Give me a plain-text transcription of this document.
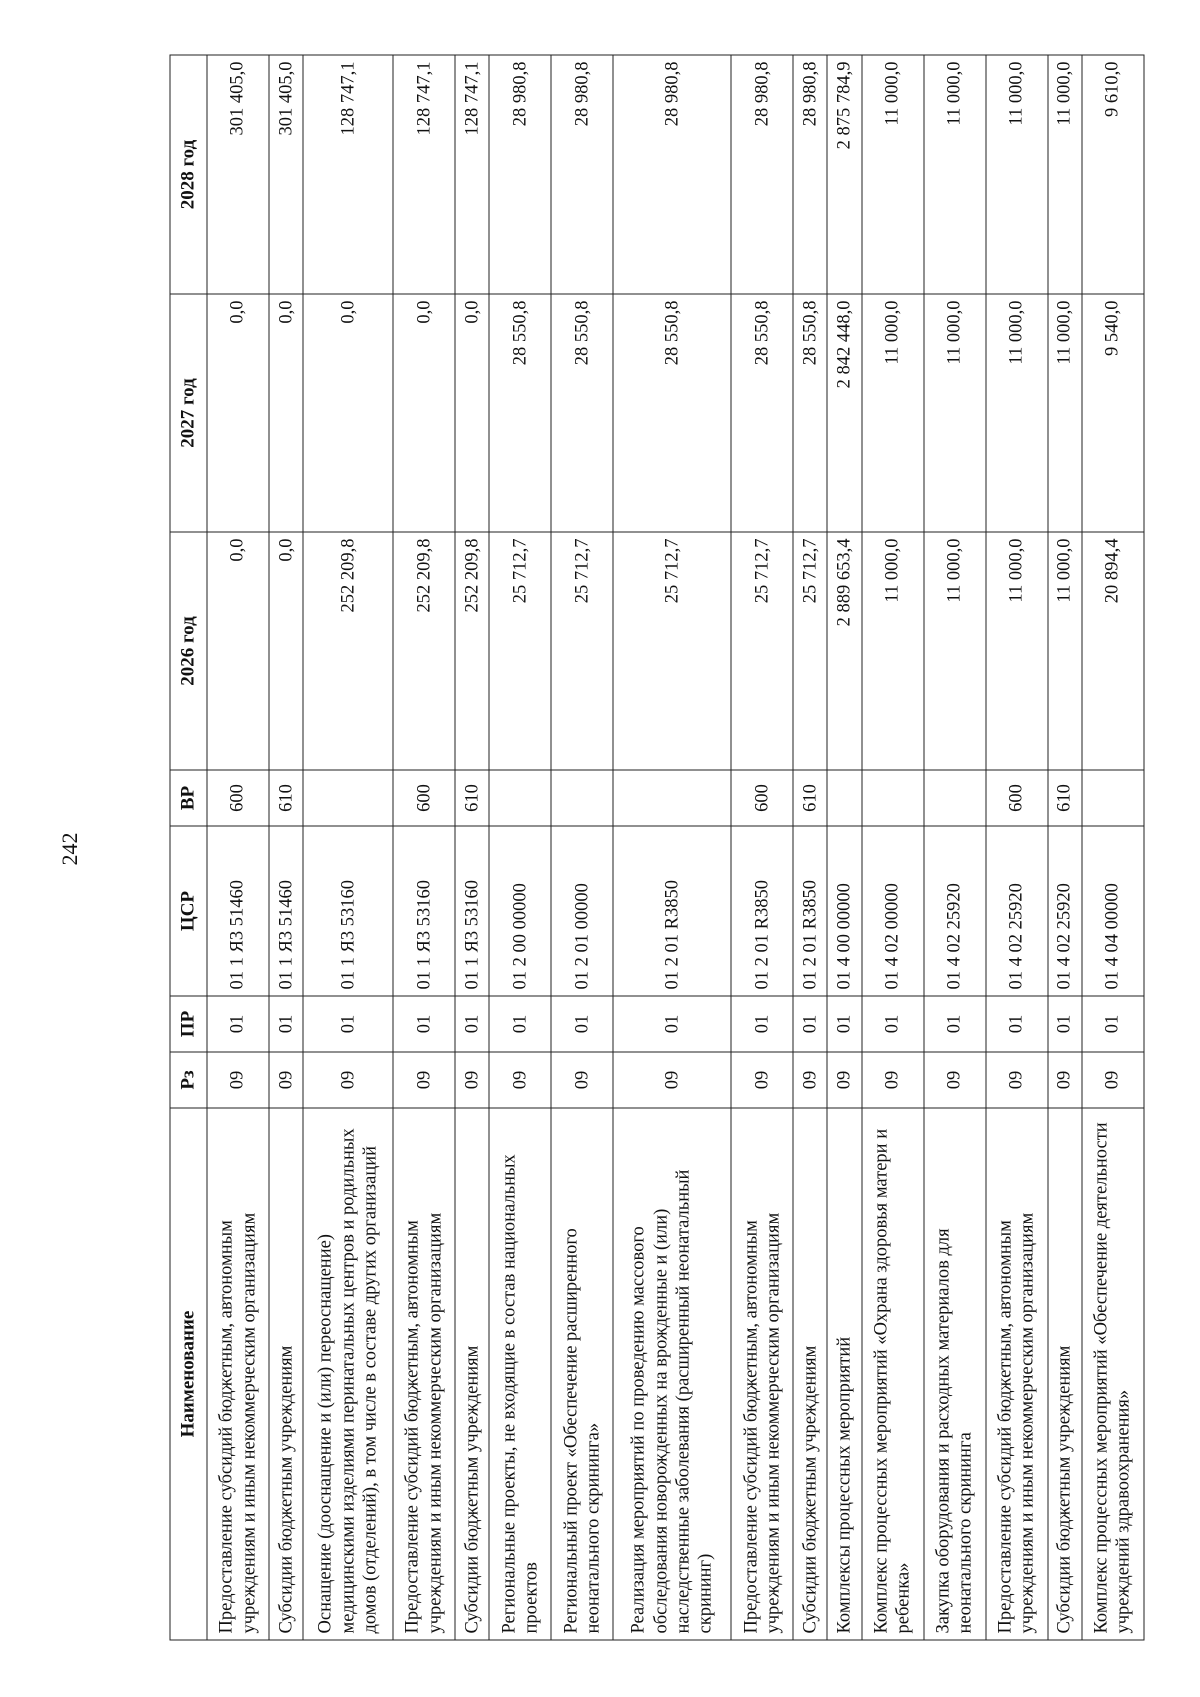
242
Наименование	Рз	ПР	ЦСР	ВР	2026 год	2027 год	2028 год
Предоставление субсидий бюджетным, автономным учреждениям и иным некоммерческим организациям	09	01	01 1 Я3 51460	600	0,0	0,0	301 405,0
Субсидии бюджетным учреждениям	09	01	01 1 Я3 51460	610	0,0	0,0	301 405,0
Оснащение (дооснащение и (или) переоснащение) медицинскими изделиями перинатальных центров и родильных домов (отделений), в том числе в составе других организаций	09	01	01 1 Я3 53160		252 209,8	0,0	128 747,1
Предоставление субсидий бюджетным, автономным учреждениям и иным некоммерческим организациям	09	01	01 1 Я3 53160	600	252 209,8	0,0	128 747,1
Субсидии бюджетным учреждениям	09	01	01 1 Я3 53160	610	252 209,8	0,0	128 747,1
Региональные проекты, не входящие в состав национальных проектов	09	01	01 2 00 00000		25 712,7	28 550,8	28 980,8
Региональный проект «Обеспечение расширенного неонатального скрининга»	09	01	01 2 01 00000		25 712,7	28 550,8	28 980,8
Реализация мероприятий по проведению массового обследования новорожденных на врожденные и (или) наследственные заболевания (расширенный неонатальный скрининг)	09	01	01 2 01 R3850		25 712,7	28 550,8	28 980,8
Предоставление субсидий бюджетным, автономным учреждениям и иным некоммерческим организациям	09	01	01 2 01 R3850	600	25 712,7	28 550,8	28 980,8
Субсидии бюджетным учреждениям	09	01	01 2 01 R3850	610	25 712,7	28 550,8	28 980,8
Комплексы процессных мероприятий	09	01	01 4 00 00000		2 889 653,4	2 842 448,0	2 875 784,9
Комплекс процессных мероприятий «Охрана здоровья матери и ребенка»	09	01	01 4 02 00000		11 000,0	11 000,0	11 000,0
Закупка оборудования и расходных материалов для неонатального скрининга	09	01	01 4 02 25920		11 000,0	11 000,0	11 000,0
Предоставление субсидий бюджетным, автономным учреждениям и иным некоммерческим организациям	09	01	01 4 02 25920	600	11 000,0	11 000,0	11 000,0
Субсидии бюджетным учреждениям	09	01	01 4 02 25920	610	11 000,0	11 000,0	11 000,0
Комплекс процессных мероприятий «Обеспечение деятельности учреждений здравоохранения»	09	01	01 4 04 00000		20 894,4	9 540,0	9 610,0
